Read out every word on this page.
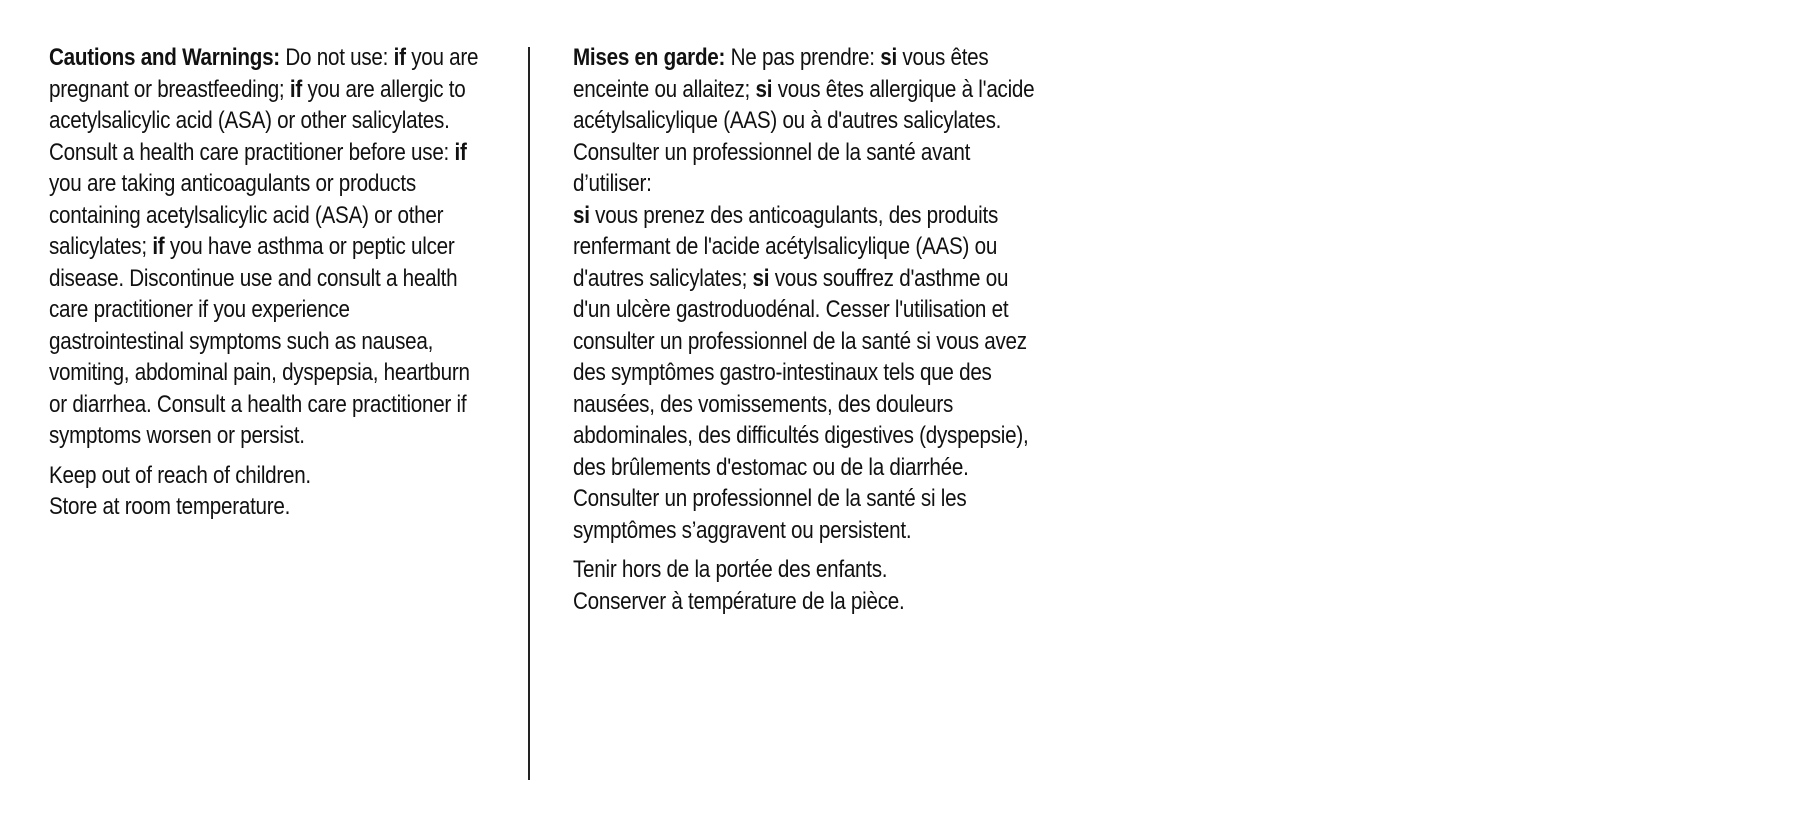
Cautions and Warnings: Do not use: if you are pregnant or breastfeeding; if you are allergic to acetylsalicylic acid (ASA) or other salicylates. Consult a health care practitioner before use: if you are taking anticoagulants or products containing acetylsalicylic acid (ASA) or other salicylates; if you have asthma or peptic ulcer disease. Discontinue use and consult a health care practitioner if you experience gastrointestinal symptoms such as nausea, vomiting, abdominal pain, dyspepsia, heartburn or diarrhea. Consult a health care practitioner if symptoms worsen or persist.

Keep out of reach of children.
Store at room temperature.

Mises en garde: Ne pas prendre: si vous êtes enceinte ou allaitez; si vous êtes allergique à l'acide acétylsalicylique (AAS) ou à d'autres salicylates. Consulter un professionnel de la santé avant d’utiliser:
si vous prenez des anticoagulants, des produits renfermant de l'acide acétylsalicylique (AAS) ou d'autres salicylates; si vous souffrez d'asthme ou d'un ulcère gastroduodénal. Cesser l'utilisation et consulter un professionnel de la santé si vous avez des symptômes gastro-intestinaux tels que des nausées, des vomissements, des douleurs abdominales, des difficultés digestives (dyspepsie), des brûlements d'estomac ou de la diarrhée. Consulter un professionnel de la santé si les symptômes s’aggravent ou persistent.

Tenir hors de la portée des enfants.
Conserver à température de la pièce.
